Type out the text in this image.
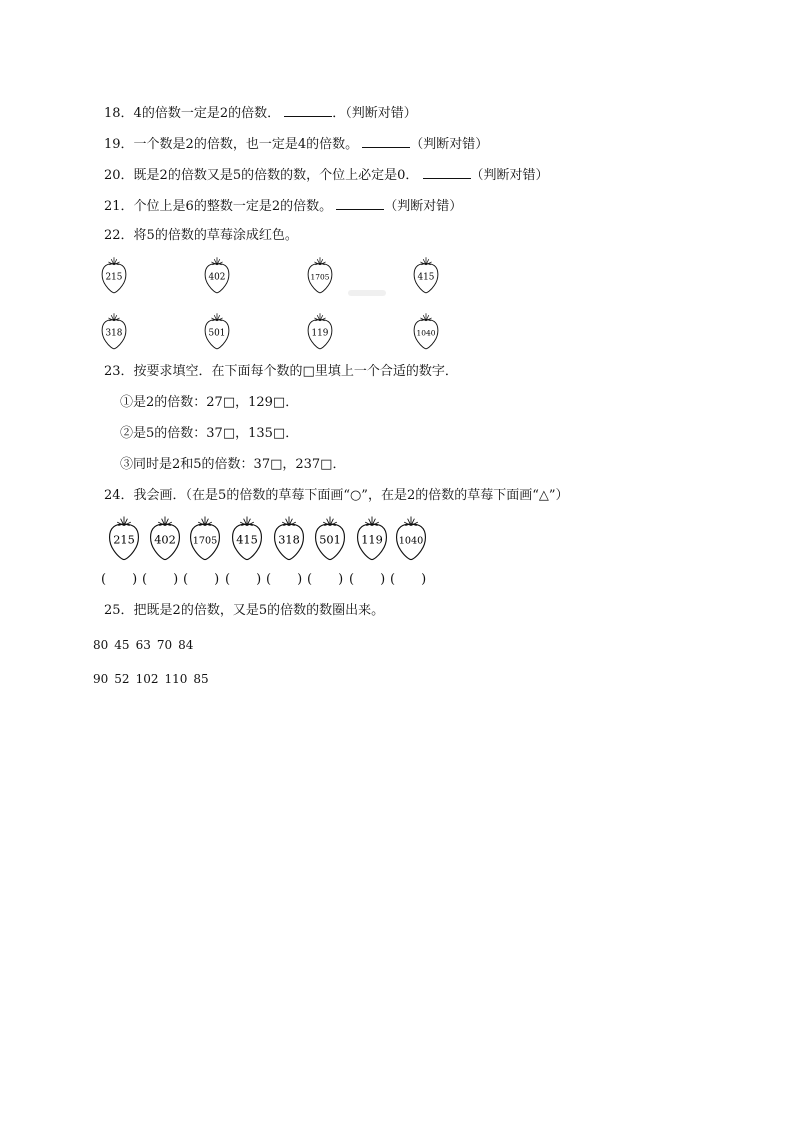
18．4的倍数一定是2的倍数．	．（判断对错）
19．一个数是2的倍数，也一定是4的倍数。	（判断对错）
20．既是2的倍数又是5的倍数的数，个位上必定是0．	（判断对错）
21．个位上是6的整数一定是2的倍数。	（判断对错）
22．将5的倍数的草莓涂成红色。
215	402	1705	415
318	501	119	1040
23．按要求填空．在下面每个数的□里填上一个合适的数字．
①是2的倍数：27□，129□．
②是5的倍数：37□，135□．
③同时是2和5的倍数：37□，237□．
24．我会画．（在是5的倍数的草莓下面画“○”，在是2的倍数的草莓下面画“△”）
215 402 1705 415 318 501 119 1040
(　　) (　　) (　　) (　　) (　　) (　　) (　　) (　　)
25．把既是2的倍数，又是5的倍数的数圈出来。
80 45 63 70 84
90 52 102 110 85
